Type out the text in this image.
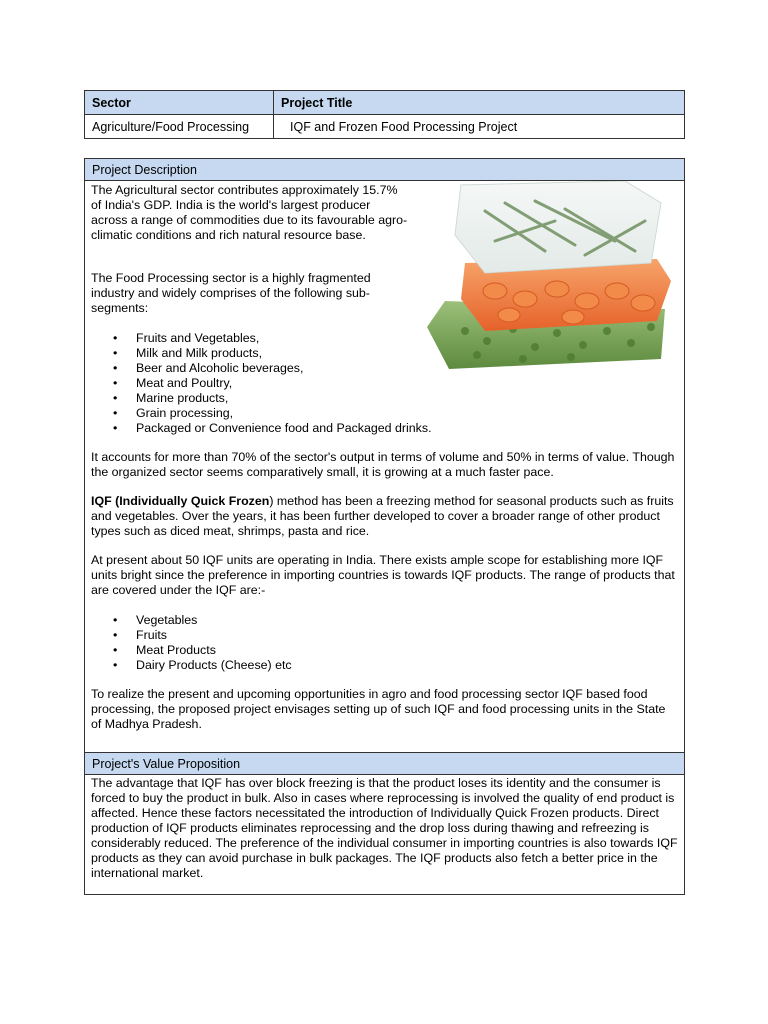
Sector	Project Title
Agriculture/Food Processing	IQF and Frozen Food Processing Project
Project Description

The Agricultural sector contributes approximately 15.7%
of India's GDP. India is the world's largest producer
across a range of commodities due to its favourable agro-
climatic conditions and rich natural resource base.

The Food Processing sector is a highly fragmented
industry and widely comprises of the following sub-
segments:

• Fruits and Vegetables,
• Milk and Milk products,
• Beer and Alcoholic beverages,
• Meat and Poultry,
• Marine products,
• Grain processing,
• Packaged or Convenience food and Packaged drinks.

It accounts for more than 70% of the sector's output in terms of volume and 50% in terms of value. Though the organized sector seems comparatively small, it is growing at a much faster pace.

IQF (Individually Quick Frozen) method has been a freezing method for seasonal products such as fruits and vegetables. Over the years, it has been further developed to cover a broader range of other product types such as diced meat, shrimps, pasta and rice.

At present about 50 IQF units are operating in India. There exists ample scope for establishing more IQF units bright since the preference in importing countries is towards IQF products. The range of products that are covered under the IQF are:-

• Vegetables
• Fruits
• Meat Products
• Dairy Products (Cheese) etc

To realize the present and upcoming opportunities in agro and food processing sector IQF based food processing, the proposed project envisages setting up of such IQF and food processing units in the State of Madhya Pradesh.

Project's Value Proposition

The advantage that IQF has over block freezing is that the product loses its identity and the consumer is forced to buy the product in bulk. Also in cases where reprocessing is involved the quality of end product is affected. Hence these factors necessitated the introduction of Individually Quick Frozen products. Direct production of IQF products eliminates reprocessing and the drop loss during thawing and refreezing is considerably reduced. The preference of the individual consumer in importing countries is also towards IQF products as they can avoid purchase in bulk packages. The IQF products also fetch a better price in the international market.
